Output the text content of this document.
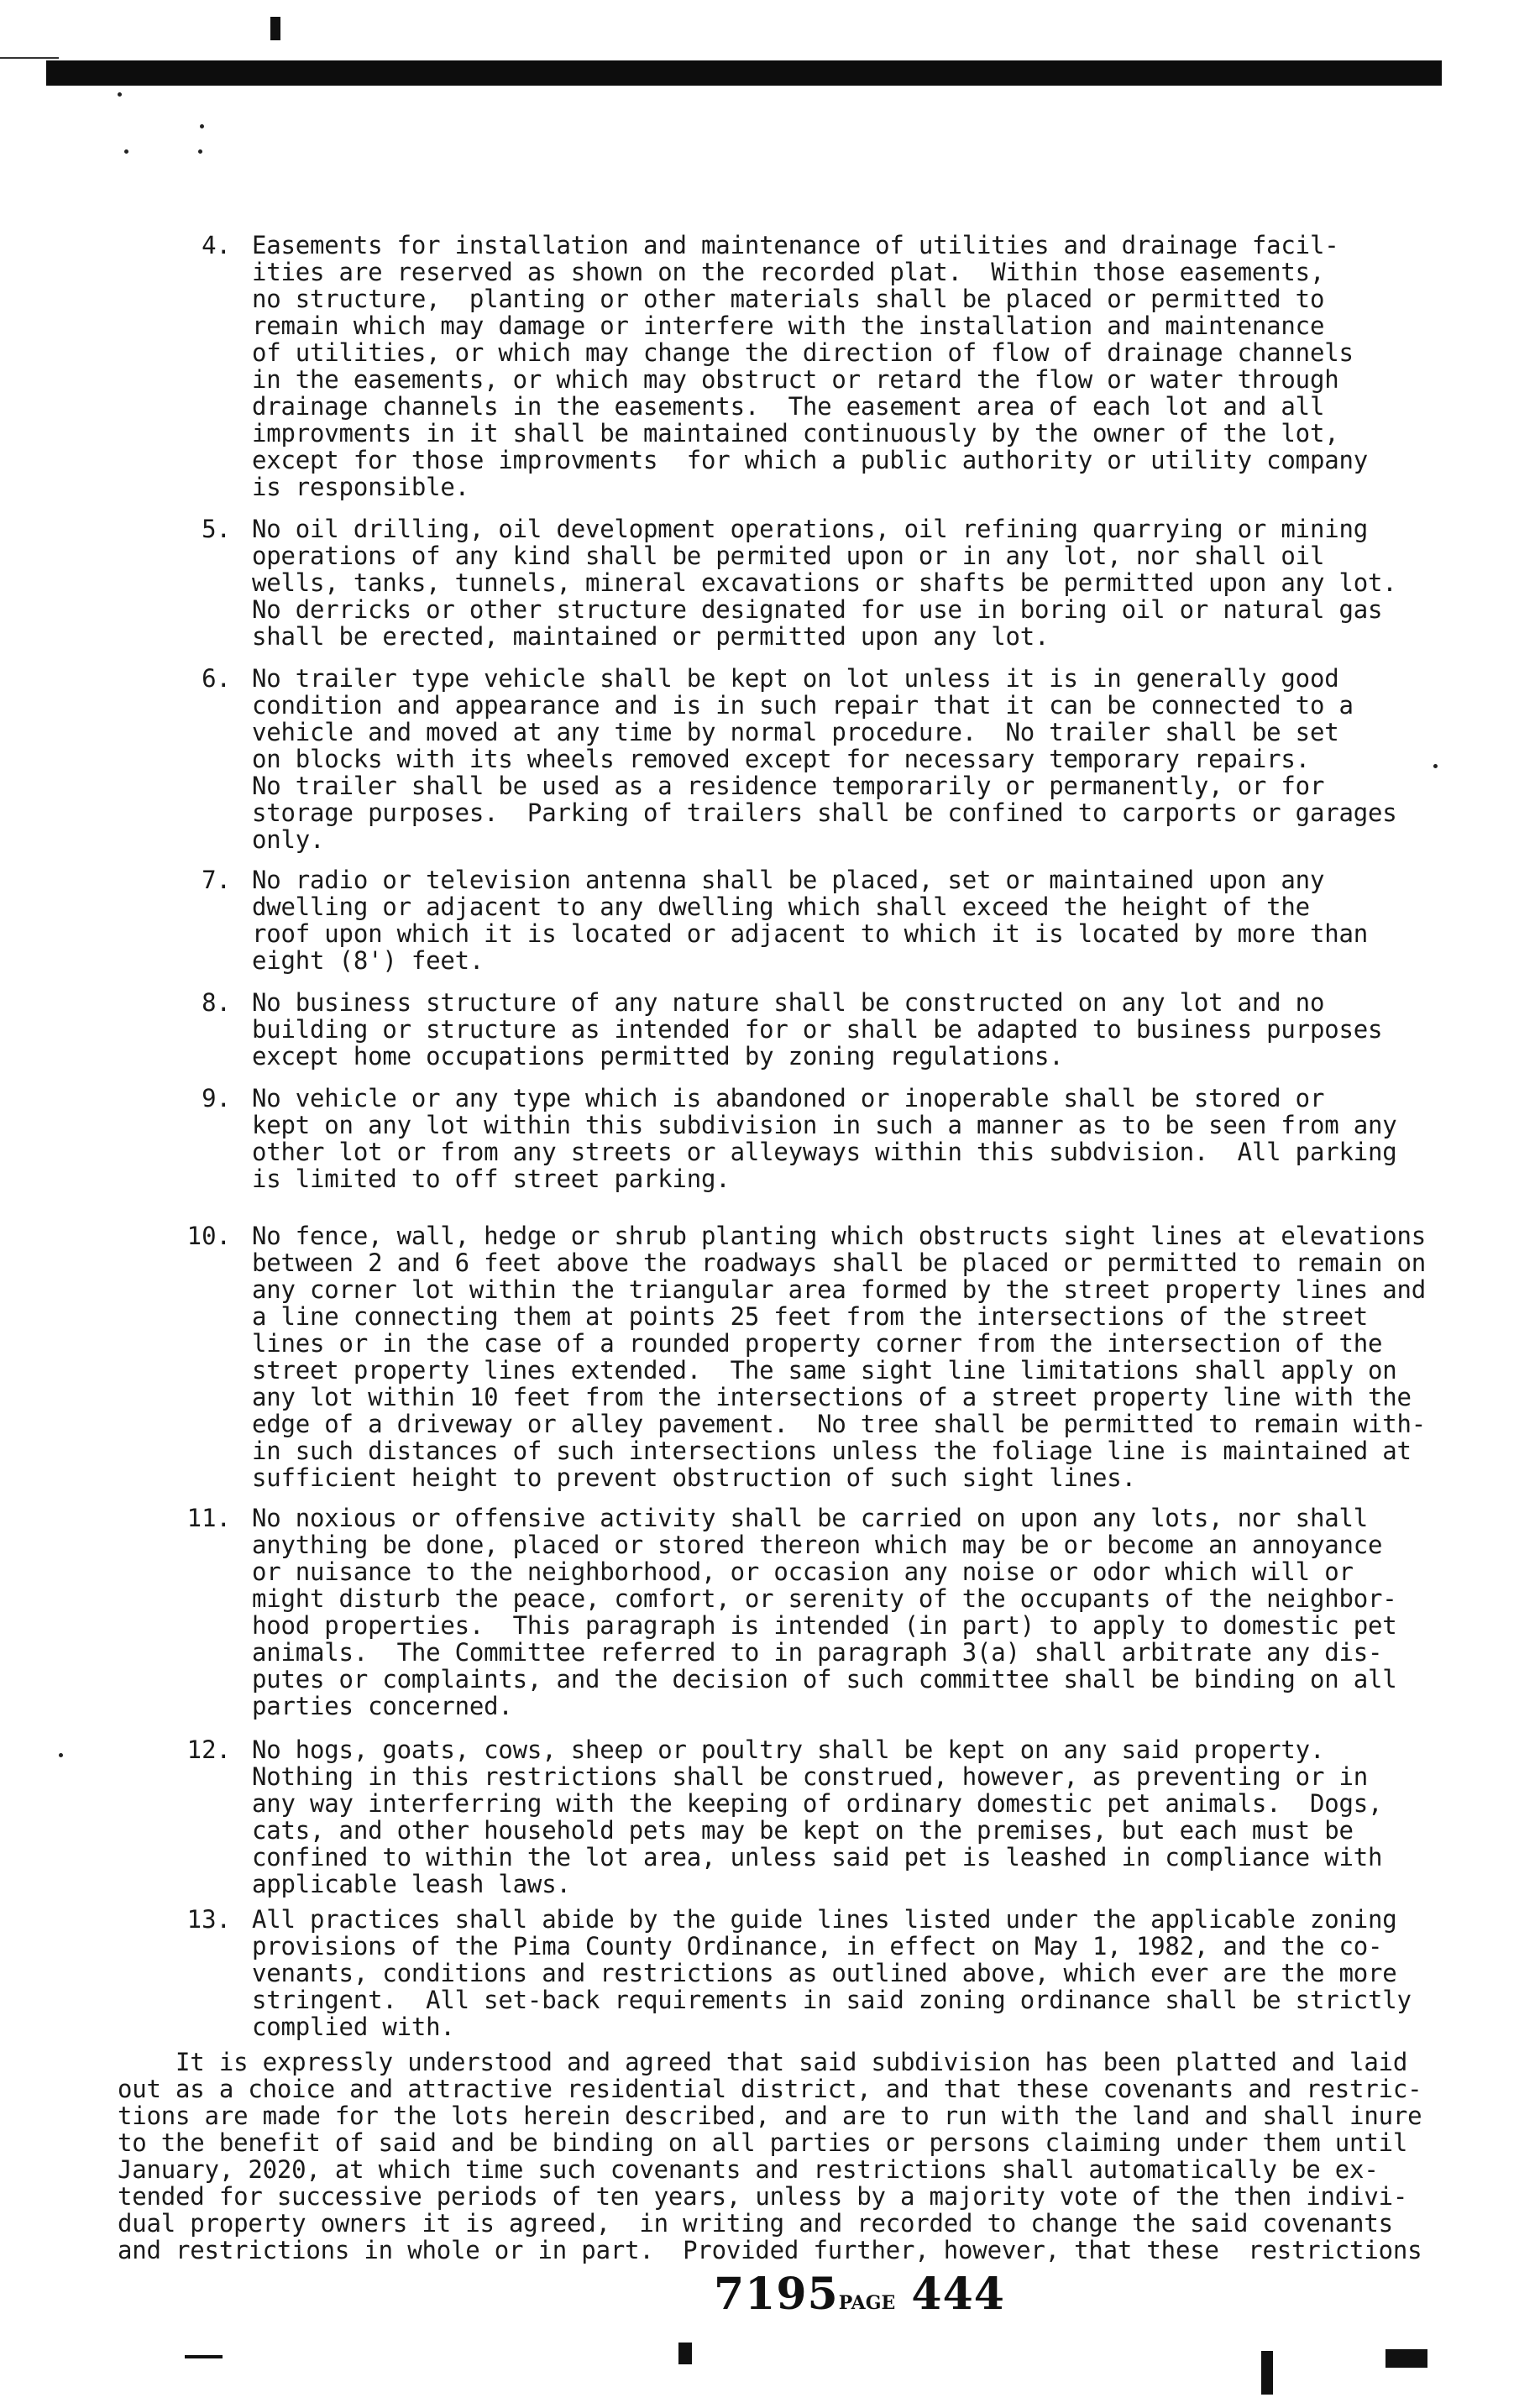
4. Easements for installation and maintenance of utilities and drainage facil-
ities are reserved as shown on the recorded plat.  Within those easements,
no structure,  planting or other materials shall be placed or permitted to
remain which may damage or interfere with the installation and maintenance
of utilities, or which may change the direction of flow of drainage channels
in the easements, or which may obstruct or retard the flow or water through
drainage channels in the easements.  The easement area of each lot and all
improvments in it shall be maintained continuously by the owner of the lot,
except for those improvments  for which a public authority or utility company
is responsible.
5. No oil drilling, oil development operations, oil refining quarrying or mining
operations of any kind shall be permited upon or in any lot, nor shall oil
wells, tanks, tunnels, mineral excavations or shafts be permitted upon any lot.
No derricks or other structure designated for use in boring oil or natural gas
shall be erected, maintained or permitted upon any lot.
6. No trailer type vehicle shall be kept on lot unless it is in generally good
condition and appearance and is in such repair that it can be connected to a
vehicle and moved at any time by normal procedure.  No trailer shall be set
on blocks with its wheels removed except for necessary temporary repairs.
No trailer shall be used as a residence temporarily or permanently, or for
storage purposes.  Parking of trailers shall be confined to carports or garages
only.
7. No radio or television antenna shall be placed, set or maintained upon any
dwelling or adjacent to any dwelling which shall exceed the height of the
roof upon which it is located or adjacent to which it is located by more than
eight (8') feet.
8. No business structure of any nature shall be constructed on any lot and no
building or structure as intended for or shall be adapted to business purposes
except home occupations permitted by zoning regulations.
9. No vehicle or any type which is abandoned or inoperable shall be stored or
kept on any lot within this subdivision in such a manner as to be seen from any
other lot or from any streets or alleyways within this subdvision.  All parking
is limited to off street parking.
10. No fence, wall, hedge or shrub planting which obstructs sight lines at elevations
between 2 and 6 feet above the roadways shall be placed or permitted to remain on
any corner lot within the triangular area formed by the street property lines and
a line connecting them at points 25 feet from the intersections of the street
lines or in the case of a rounded property corner from the intersection of the
street property lines extended.  The same sight line limitations shall apply on
any lot within 10 feet from the intersections of a street property line with the
edge of a driveway or alley pavement.  No tree shall be permitted to remain with-
in such distances of such intersections unless the foliage line is maintained at
sufficient height to prevent obstruction of such sight lines.
11. No noxious or offensive activity shall be carried on upon any lots, nor shall
anything be done, placed or stored thereon which may be or become an annoyance
or nuisance to the neighborhood, or occasion any noise or odor which will or
might disturb the peace, comfort, or serenity of the occupants of the neighbor-
hood properties.  This paragraph is intended (in part) to apply to domestic pet
animals.  The Committee referred to in paragraph 3(a) shall arbitrate any dis-
putes or complaints, and the decision of such committee shall be binding on all
parties concerned.
12. No hogs, goats, cows, sheep or poultry shall be kept on any said property.
Nothing in this restrictions shall be construed, however, as preventing or in
any way interferring with the keeping of ordinary domestic pet animals.  Dogs,
cats, and other household pets may be kept on the premises, but each must be
confined to within the lot area, unless said pet is leashed in compliance with
applicable leash laws.
13. All practices shall abide by the guide lines listed under the applicable zoning
provisions of the Pima County Ordinance, in effect on May 1, 1982, and the co-
venants, conditions and restrictions as outlined above, which ever are the more
stringent.  All set-back requirements in said zoning ordinance shall be strictly
complied with.
It is expressly understood and agreed that said subdivision has been platted and laid
out as a choice and attractive residential district, and that these covenants and restric-
tions are made for the lots herein described, and are to run with the land and shall inure
to the benefit of said and be binding on all parties or persons claiming under them until
January, 2020, at which time such covenants and restrictions shall automatically be ex-
tended for successive periods of ten years, unless by a majority vote of the then indivi-
dual property owners it is agreed,  in writing and recorded to change the said covenants
and restrictions in whole or in part.  Provided further, however, that these  restrictions
7195PAGE 444
